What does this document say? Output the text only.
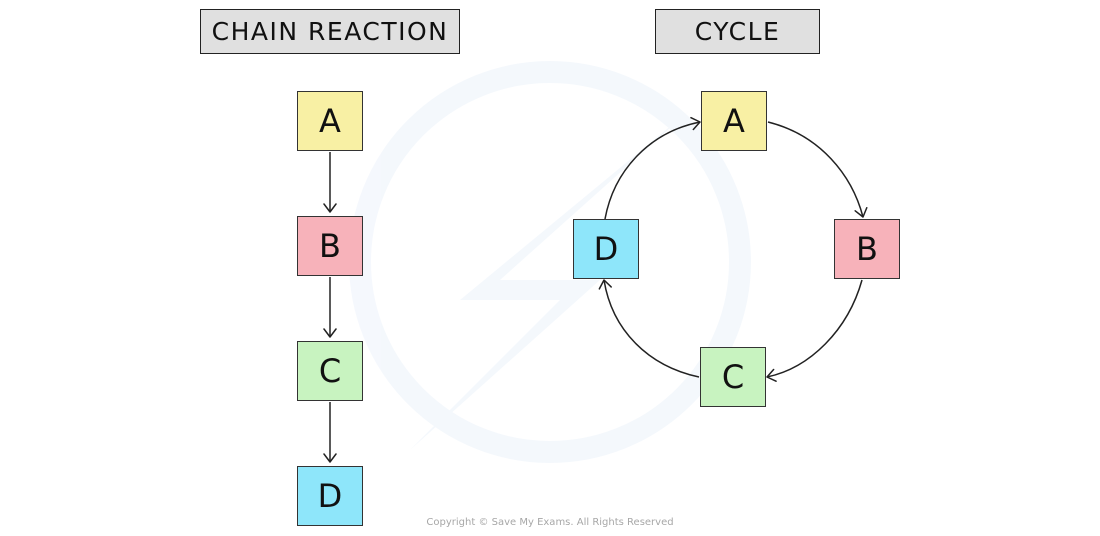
CHAIN REACTION	CYCLE
A
B
C
D
A
B
C
D
Copyright © Save My Exams. All Rights Reserved
